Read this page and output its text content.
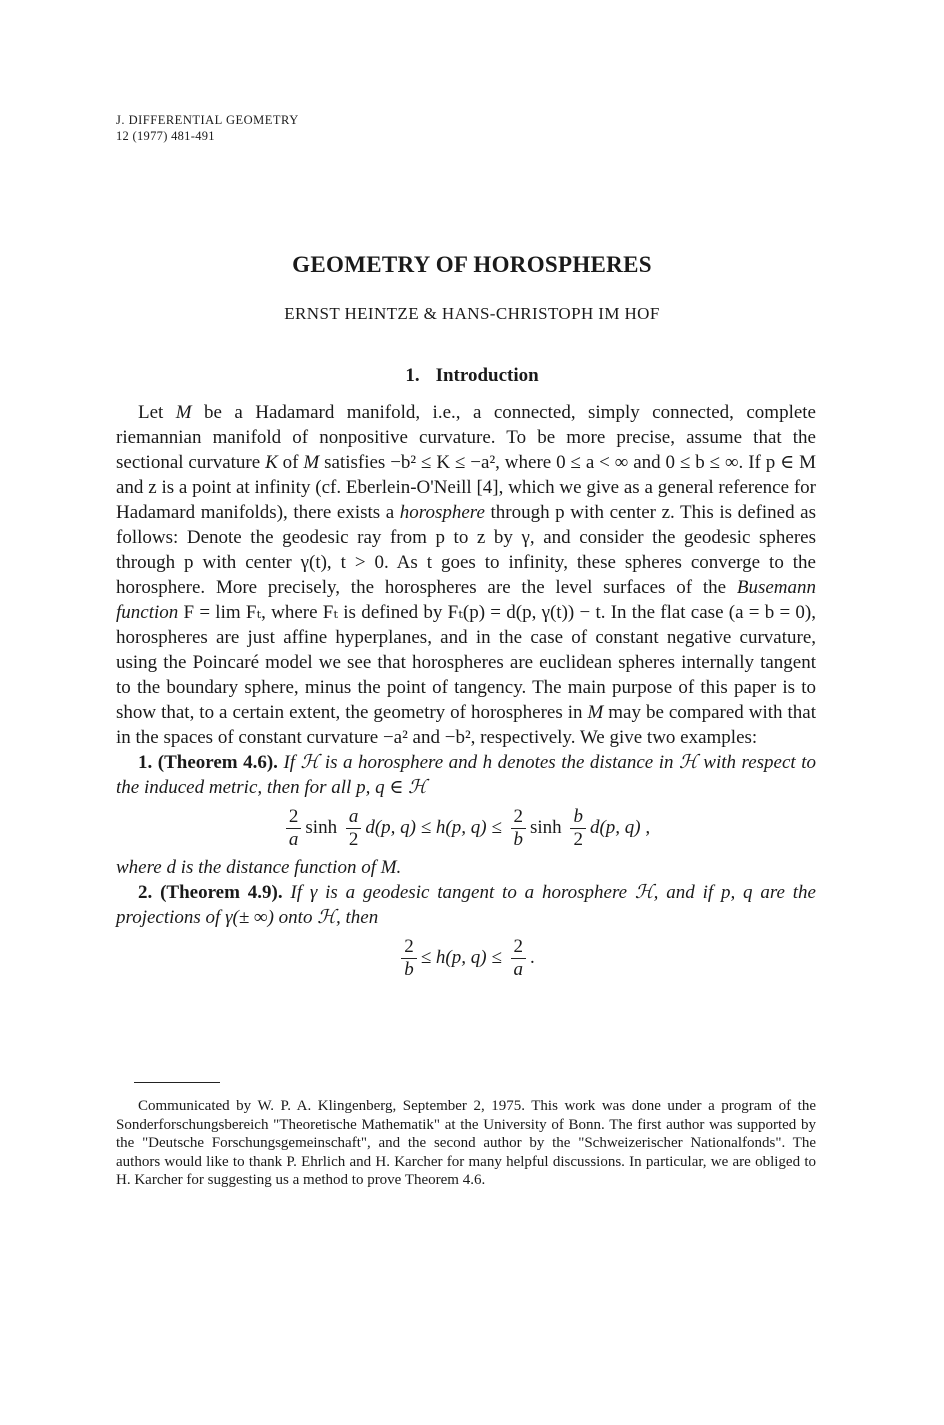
J. DIFFERENTIAL GEOMETRY
12 (1977) 481-491
GEOMETRY OF HOROSPHERES
ERNST HEINTZE & HANS-CHRISTOPH IM HOF
1. Introduction

Let M be a Hadamard manifold, i.e., a connected, simply connected, complete riemannian manifold of nonpositive curvature. To be more precise, assume that the sectional curvature K of M satisfies −b² ≤ K ≤ −a², where 0 ≤ a < ∞ and 0 ≤ b ≤ ∞. If p ∈ M and z is a point at infinity (cf. Eberlein-O'Neill [4], which we give as a general reference for Hadamard manifolds), there exists a horosphere through p with center z. This is defined as follows: Denote the geodesic ray from p to z by γ, and consider the geodesic spheres through p with center γ(t), t > 0. As t goes to infinity, these spheres converge to the horosphere. More precisely, the horospheres are the level surfaces of the Busemann function F = lim Fₜ, where Fₜ is defined by Fₜ(p) = d(p, γ(t)) − t. In the flat case (a = b = 0), horospheres are just affine hyperplanes, and in the case of constant negative curvature, using the Poincaré model we see that horospheres are euclidean spheres internally tangent to the boundary sphere, minus the point of tangency. The main purpose of this paper is to show that, to a certain extent, the geometry of horospheres in M may be compared with that in the spaces of constant curvature −a² and −b², respectively. We give two examples:

1. (Theorem 4.6). If ℋ is a horosphere and h denotes the distance in ℋ with respect to the induced metric, then for all p, q ∈ ℋ

$\frac{2}{a}$ $\sinh \frac{a}{2} d(p$, q) ≤ h(p, $q) \le \frac{2}{b}$ $\sinh \frac{b}{2} d(p$, q) ,

where d is the distance function of M.

2. (Theorem 4.9). If γ is a geodesic tangent to a horosphere ℋ, and if p, q are the projections of γ(± ∞) onto ℋ, then

$\frac{2}{b} \le h(p$, $q) \le \frac{2}{a}$ .
Communicated by W. P. A. Klingenberg, September 2, 1975. This work was done under a program of the Sonderforschungsbereich "Theoretische Mathematik" at the University of Bonn. The first author was supported by the "Deutsche Forschungsgemeinschaft", and the second author by the "Schweizerischer Nationalfonds". The authors would like to thank P. Ehrlich and H. Karcher for many helpful discussions. In particular, we are obliged to H. Karcher for suggesting us a method to prove Theorem 4.6.
